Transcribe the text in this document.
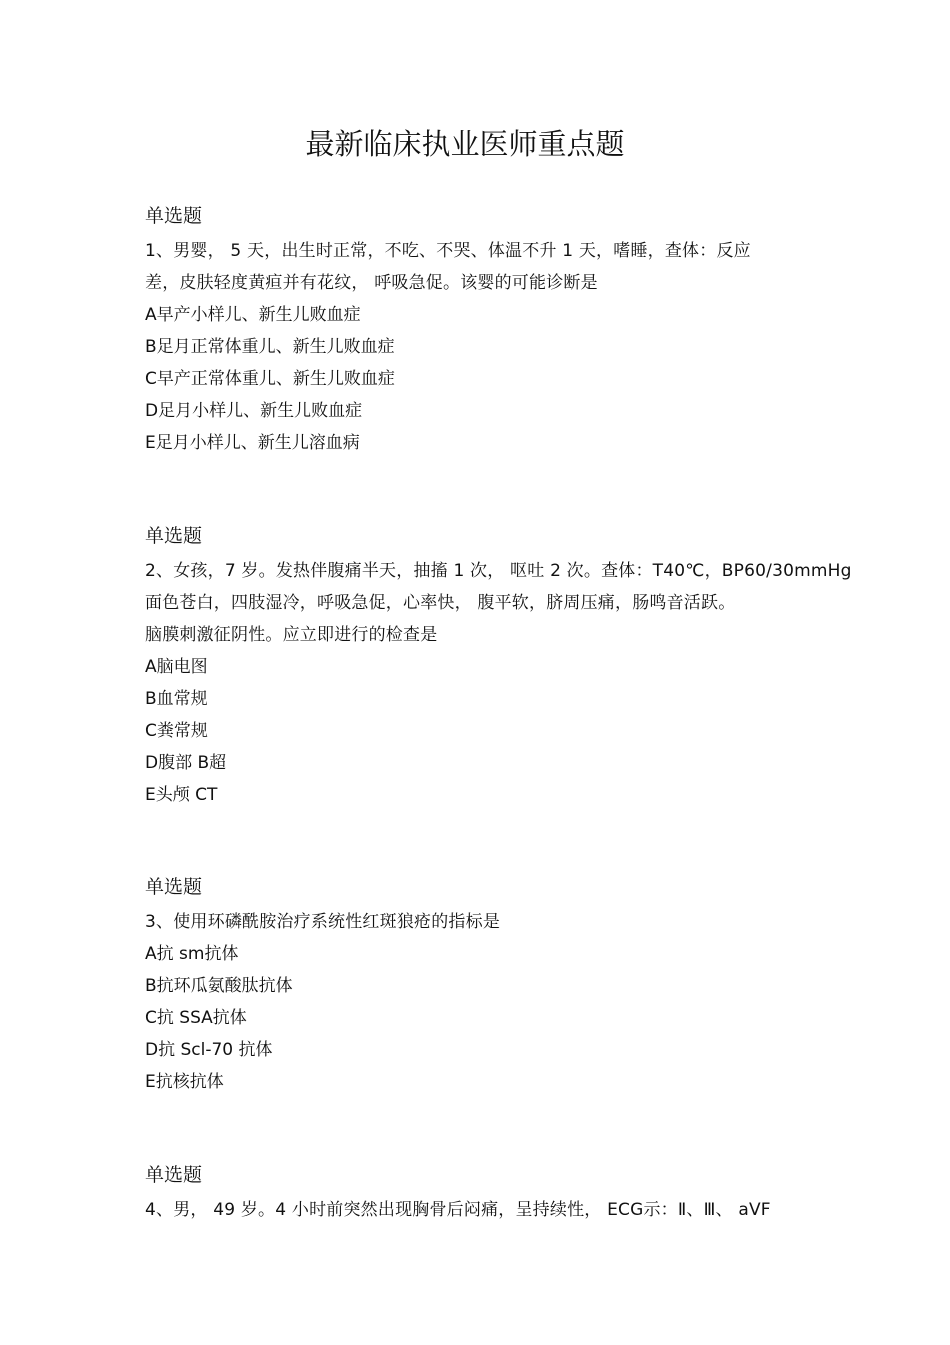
最新临床执业医师重点题
单选题
1、男婴， 5 天，出生时正常，不吃、不哭、体温不升 1 天，嗜睡，查体：反应
差，皮肤轻度黄疸并有花纹， 呼吸急促。该婴的可能诊断是
A早产小样儿、新生儿败血症
B足月正常体重儿、新生儿败血症
C早产正常体重儿、新生儿败血症
D足月小样儿、新生儿败血症
E足月小样儿、新生儿溶血病
单选题
2、女孩，7 岁。发热伴腹痛半天，抽搐 1 次， 呕吐 2 次。查体：T40℃，BP60/30mmHg
面色苍白，四肢湿冷，呼吸急促，心率快， 腹平软，脐周压痛，肠鸣音活跃。
脑膜刺激征阴性。应立即进行的检查是
A脑电图
B血常规
C粪常规
D腹部 B超
E头颅 CT
单选题
3、使用环磷酰胺治疗系统性红斑狼疮的指标是
A抗 sm抗体
B抗环瓜氨酸肽抗体
C抗 SSA抗体
D抗 Scl-70 抗体
E抗核抗体
单选题
4、男， 49 岁。4 小时前突然出现胸骨后闷痛，呈持续性， ECG示：Ⅱ、Ⅲ、 aVF
